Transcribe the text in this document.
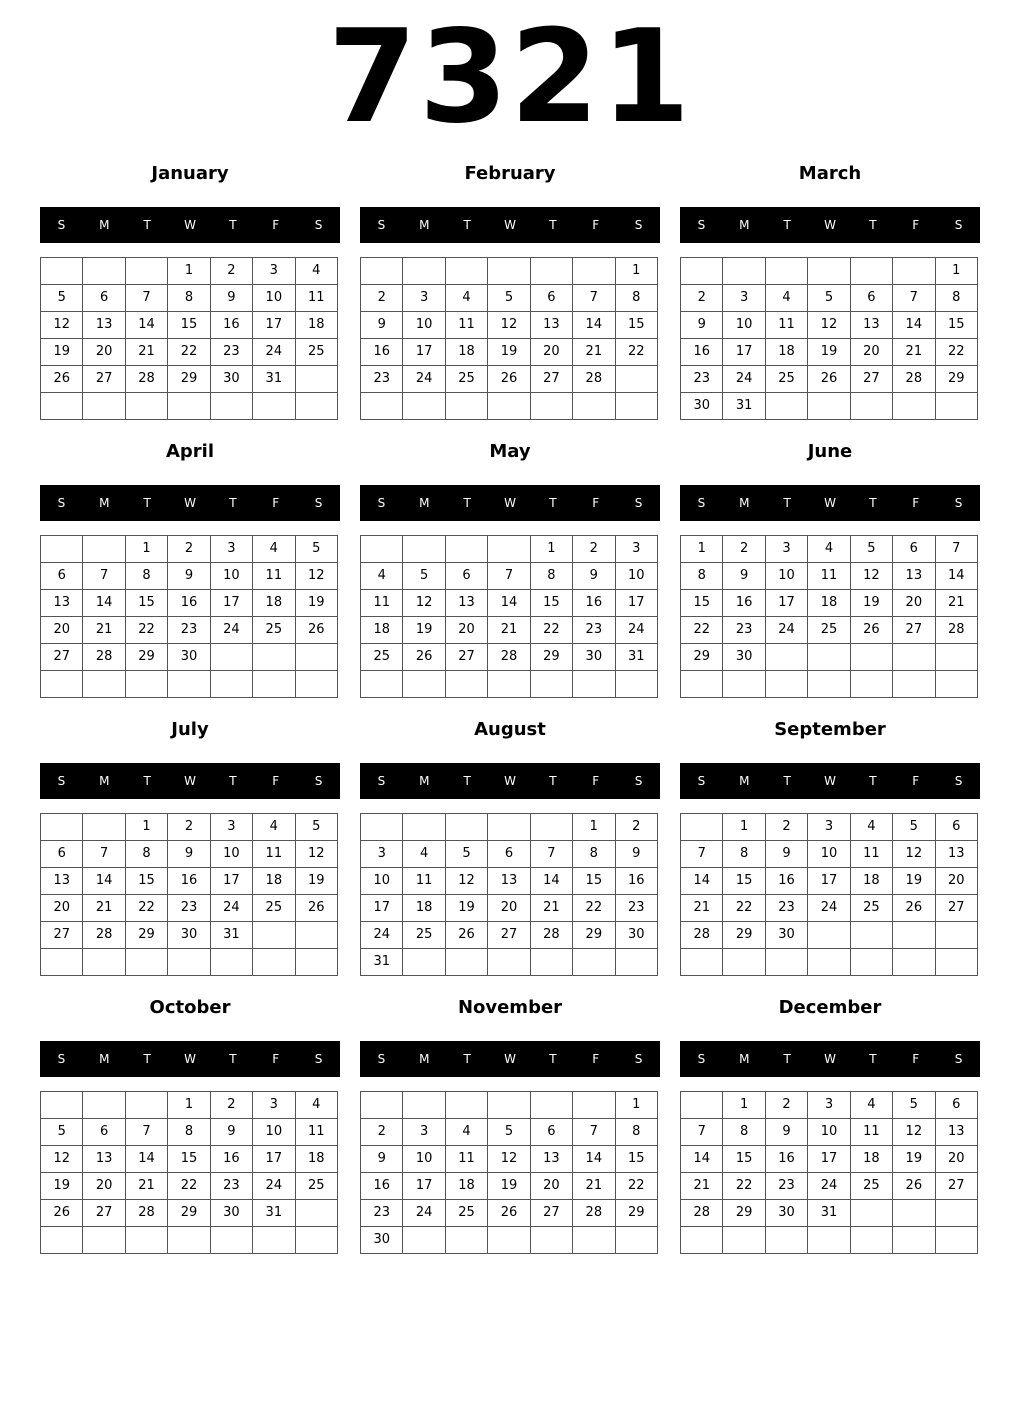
7321
January
S	M	T	W	T	F	S
			1	2	3	4
5	6	7	8	9	10	11
12	13	14	15	16	17	18
19	20	21	22	23	24	25
26	27	28	29	30	31	

February
S	M	T	W	T	F	S
						1
2	3	4	5	6	7	8
9	10	11	12	13	14	15
16	17	18	19	20	21	22
23	24	25	26	27	28	

March
S	M	T	W	T	F	S
						1
2	3	4	5	6	7	8
9	10	11	12	13	14	15
16	17	18	19	20	21	22
23	24	25	26	27	28	29
30	31					
April
S	M	T	W	T	F	S
		1	2	3	4	5
6	7	8	9	10	11	12
13	14	15	16	17	18	19
20	21	22	23	24	25	26
27	28	29	30			

May
S	M	T	W	T	F	S
				1	2	3
4	5	6	7	8	9	10
11	12	13	14	15	16	17
18	19	20	21	22	23	24
25	26	27	28	29	30	31

June
S	M	T	W	T	F	S
1	2	3	4	5	6	7
8	9	10	11	12	13	14
15	16	17	18	19	20	21
22	23	24	25	26	27	28
29	30					

July
S	M	T	W	T	F	S
		1	2	3	4	5
6	7	8	9	10	11	12
13	14	15	16	17	18	19
20	21	22	23	24	25	26
27	28	29	30	31		

August
S	M	T	W	T	F	S
					1	2
3	4	5	6	7	8	9
10	11	12	13	14	15	16
17	18	19	20	21	22	23
24	25	26	27	28	29	30
31						
September
S	M	T	W	T	F	S
	1	2	3	4	5	6
7	8	9	10	11	12	13
14	15	16	17	18	19	20
21	22	23	24	25	26	27
28	29	30				

October
S	M	T	W	T	F	S
			1	2	3	4
5	6	7	8	9	10	11
12	13	14	15	16	17	18
19	20	21	22	23	24	25
26	27	28	29	30	31	

November
S	M	T	W	T	F	S
						1
2	3	4	5	6	7	8
9	10	11	12	13	14	15
16	17	18	19	20	21	22
23	24	25	26	27	28	29
30						
December
S	M	T	W	T	F	S
	1	2	3	4	5	6
7	8	9	10	11	12	13
14	15	16	17	18	19	20
21	22	23	24	25	26	27
28	29	30	31			
